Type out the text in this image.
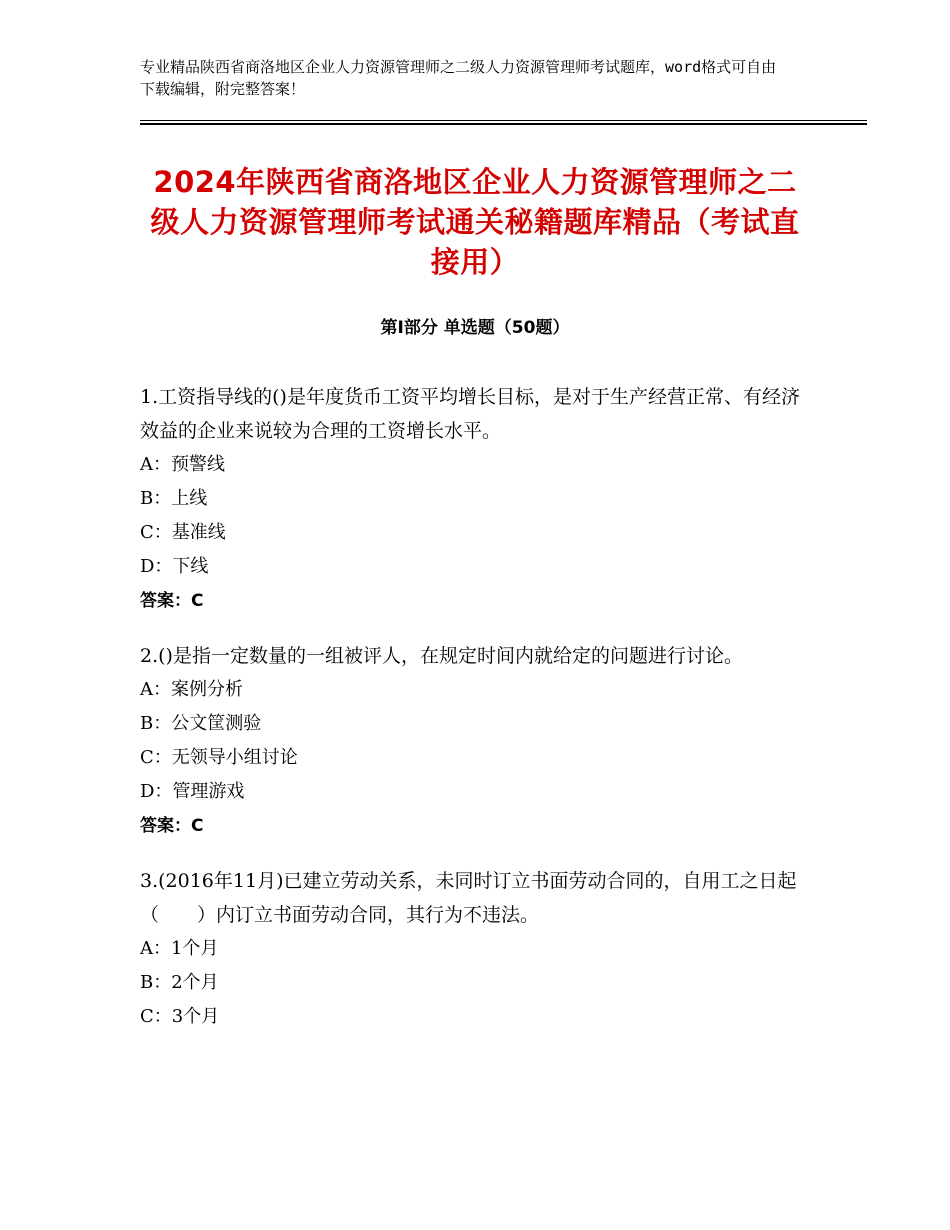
专业精品陕西省商洛地区企业人力资源管理师之二级人力资源管理师考试题库，word格式可自由下载编辑，附完整答案！
2024年陕西省商洛地区企业人力资源管理师之二级人力资源管理师考试通关秘籍题库精品（考试直接用）
第Ⅰ部分 单选题（50题）

1.工资指导线的()是年度货币工资平均增长目标，是对于生产经营正常、有经济效益的企业来说较为合理的工资增长水平。

A：预警线

B：上线

C：基准线

D：下线

答案：C

2.()是指一定数量的一组被评人，在规定时间内就给定的问题进行讨论。

A：案例分析

B：公文筐测验

C：无领导小组讨论

D：管理游戏

答案：C

3.(2016年11月)已建立劳动关系，未同时订立书面劳动合同的，自用工之日起（　　）内订立书面劳动合同，其行为不违法。

A：1个月

B：2个月

C：3个月
